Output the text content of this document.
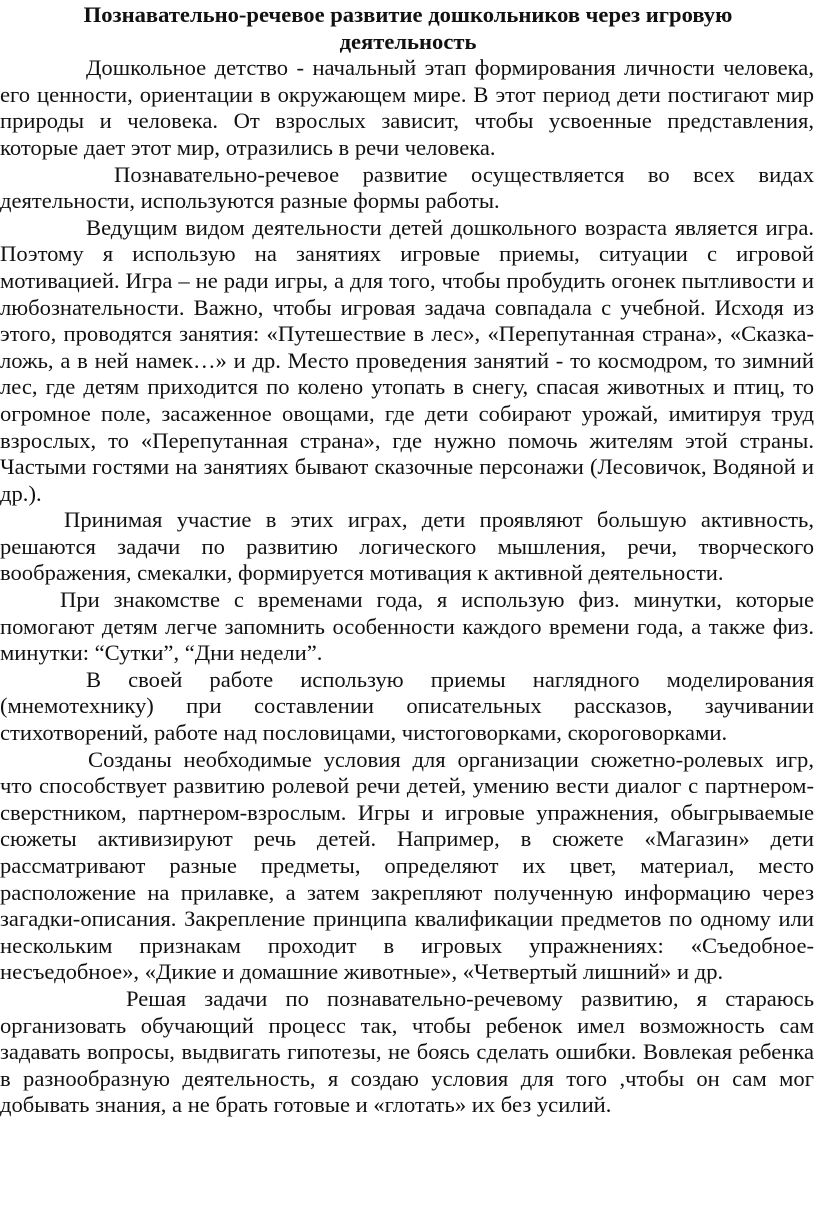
Познавательно-речевое развитие дошкольников через игровую деятельность

Дошкольное детство - начальный этап формирования личности человека, его ценности, ориентации в окружающем мире. В этот период дети постигают мир природы и человека. От взрослых зависит, чтобы усвоенные представления, которые дает этот мир, отразились в речи человека.

Познавательно-речевое развитие осуществляется во всех видах деятельности, используются разные формы работы.

Ведущим видом деятельности детей дошкольного возраста является игра. Поэтому я использую на занятиях игровые приемы, ситуации с игровой мотивацией. Игра – не ради игры, а для того, чтобы пробудить огонек пытливости и любознательности. Важно, чтобы игровая задача совпадала с учебной. Исходя из этого, проводятся занятия: «Путешествие в лес», «Перепутанная страна», «Сказка-ложь, а в ней намек…» и др. Место проведения занятий - то космодром, то зимний лес, где детям приходится по колено утопать в снегу, спасая животных и птиц, то огромное поле, засаженное овощами, где дети собирают урожай, имитируя труд взрослых, то «Перепутанная страна», где нужно помочь жителям этой страны. Частыми гостями на занятиях бывают сказочные персонажи (Лесовичок, Водяной и др.).

Принимая участие в этих играх, дети проявляют большую активность, решаются задачи по развитию логического мышления, речи, творческого воображения, смекалки, формируется мотивация к активной деятельности.

При знакомстве с временами года, я использую физ. минутки, которые помогают детям легче запомнить особенности каждого времени года, а также физ. минутки: “Сутки”, “Дни недели”.

В своей работе использую приемы наглядного моделирования (мнемотехнику) при составлении описательных рассказов, заучивании стихотворений, работе над пословицами, чистоговорками, скороговорками.

Созданы необходимые условия для организации сюжетно-ролевых игр, что способствует развитию ролевой речи детей, умению вести диалог с партнером-сверстником, партнером-взрослым. Игры и игровые упражнения, обыгрываемые сюжеты активизируют речь детей. Например, в сюжете «Магазин» дети рассматривают разные предметы, определяют их цвет, материал, место расположение на прилавке, а затем закрепляют полученную информацию через загадки-описания. Закрепление принципа квалификации предметов по одному или нескольким признакам проходит в игровых упражнениях: «Съедобное-несъедобное», «Дикие и домашние животные», «Четвертый лишний» и др.

Решая задачи по познавательно-речевому развитию, я стараюсь организовать обучающий процесс так, чтобы ребенок имел возможность сам задавать вопросы, выдвигать гипотезы, не боясь сделать ошибки. Вовлекая ребенка в разнообразную деятельность, я создаю условия для того ,чтобы он сам мог добывать знания, а не брать готовые и «глотать» их без усилий.
